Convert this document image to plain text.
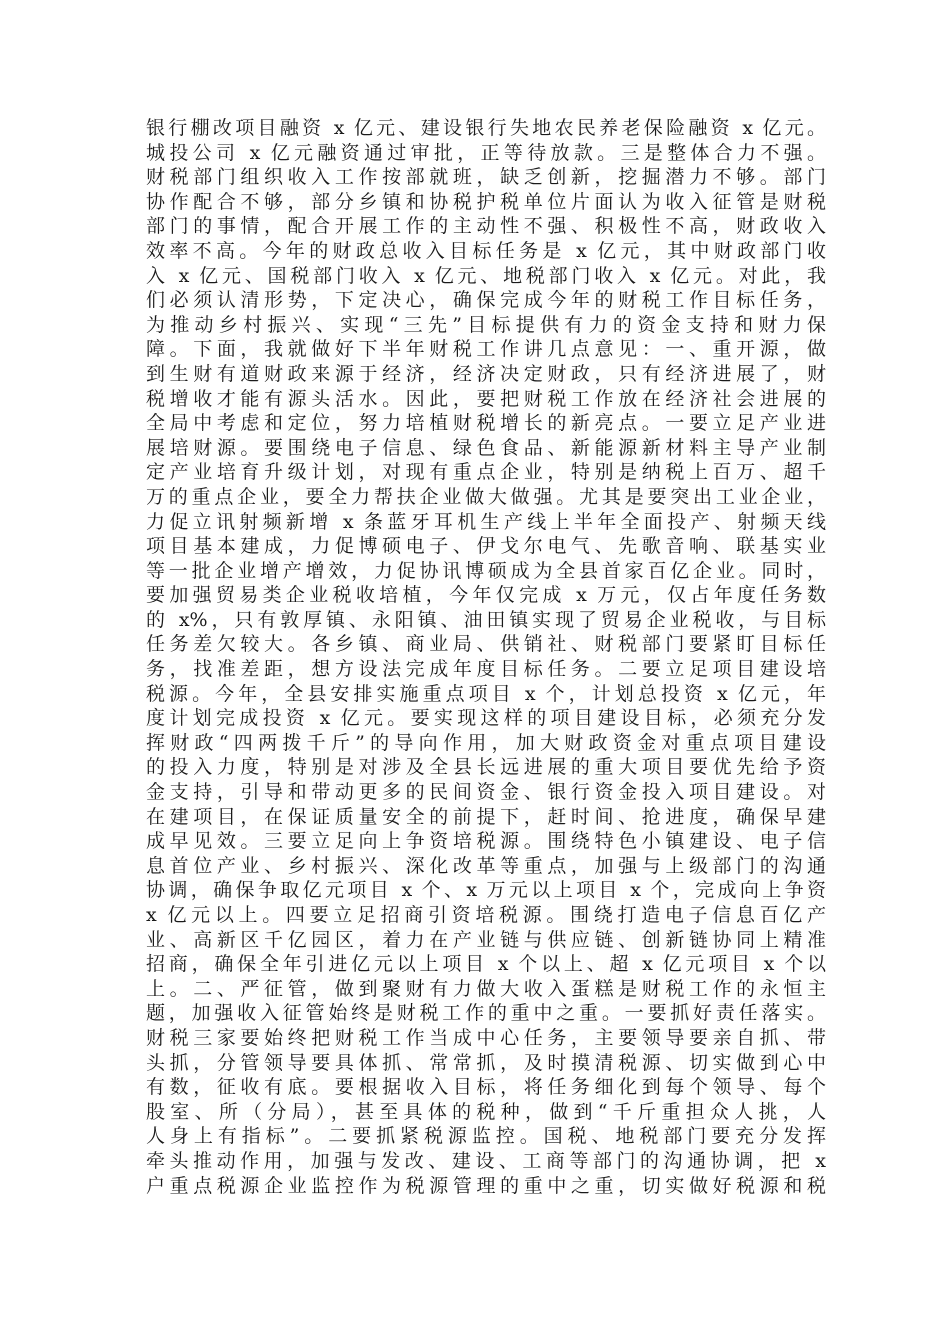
银行棚改项目融资 x 亿元、建设银行失地农民养老保险融资 x 亿元。
城投公司 x 亿元融资通过审批，正等待放款。三是整体合力不强。
财税部门组织收入工作按部就班，缺乏创新，挖掘潜力不够。部门
协作配合不够，部分乡镇和协税护税单位片面认为收入征管是财税
部门的事情，配合开展工作的主动性不强、积极性不高，财政收入
效率不高。今年的财政总收入目标任务是 x 亿元，其中财政部门收
入 x 亿元、国税部门收入 x 亿元、地税部门收入 x 亿元。对此，我
们必须认清形势，下定决心，确保完成今年的财税工作目标任务，
为推动乡村振兴、实现“三先”目标提供有力的资金支持和财力保
障。下面，我就做好下半年财税工作讲几点意见：一、重开源，做
到生财有道财政来源于经济，经济决定财政，只有经济进展了，财
税增收才能有源头活水。因此，要把财税工作放在经济社会进展的
全局中考虑和定位，努力培植财税增长的新亮点。一要立足产业进
展培财源。要围绕电子信息、绿色食品、新能源新材料主导产业制
定产业培育升级计划，对现有重点企业，特别是纳税上百万、超千
万的重点企业，要全力帮扶企业做大做强。尤其是要突出工业企业，
力促立讯射频新增 x 条蓝牙耳机生产线上半年全面投产、射频天线
项目基本建成，力促博硕电子、伊戈尔电气、先歌音响、联基实业
等一批企业增产增效，力促协讯博硕成为全县首家百亿企业。同时，
要加强贸易类企业税收培植，今年仅完成 x 万元，仅占年度任务数
的 x%，只有敦厚镇、永阳镇、油田镇实现了贸易企业税收，与目标
任务差欠较大。各乡镇、商业局、供销社、财税部门要紧盯目标任
务，找准差距，想方设法完成年度目标任务。二要立足项目建设培
税源。今年，全县安排实施重点项目 x 个，计划总投资 x 亿元，年
度计划完成投资 x 亿元。要实现这样的项目建设目标，必须充分发
挥财政“四两拨千斤”的导向作用，加大财政资金对重点项目建设
的投入力度，特别是对涉及全县长远进展的重大项目要优先给予资
金支持，引导和带动更多的民间资金、银行资金投入项目建设。对
在建项目，在保证质量安全的前提下，赶时间、抢进度，确保早建
成早见效。三要立足向上争资培税源。围绕特色小镇建设、电子信
息首位产业、乡村振兴、深化改革等重点，加强与上级部门的沟通
协调，确保争取亿元项目 x 个、x 万元以上项目 x 个，完成向上争资
x 亿元以上。四要立足招商引资培税源。围绕打造电子信息百亿产
业、高新区千亿园区，着力在产业链与供应链、创新链协同上精准
招商，确保全年引进亿元以上项目 x 个以上、超 x 亿元项目 x 个以
上。二、严征管，做到聚财有力做大收入蛋糕是财税工作的永恒主
题，加强收入征管始终是财税工作的重中之重。一要抓好责任落实。
财税三家要始终把财税工作当成中心任务，主要领导要亲自抓、带
头抓，分管领导要具体抓、常常抓，及时摸清税源、切实做到心中
有数，征收有底。要根据收入目标，将任务细化到每个领导、每个
股室、所（分局），甚至具体的税种，做到“千斤重担众人挑，人
人身上有指标”。二要抓紧税源监控。国税、地税部门要充分发挥
牵头推动作用，加强与发改、建设、工商等部门的沟通协调，把 x
户重点税源企业监控作为税源管理的重中之重，切实做好税源和税
